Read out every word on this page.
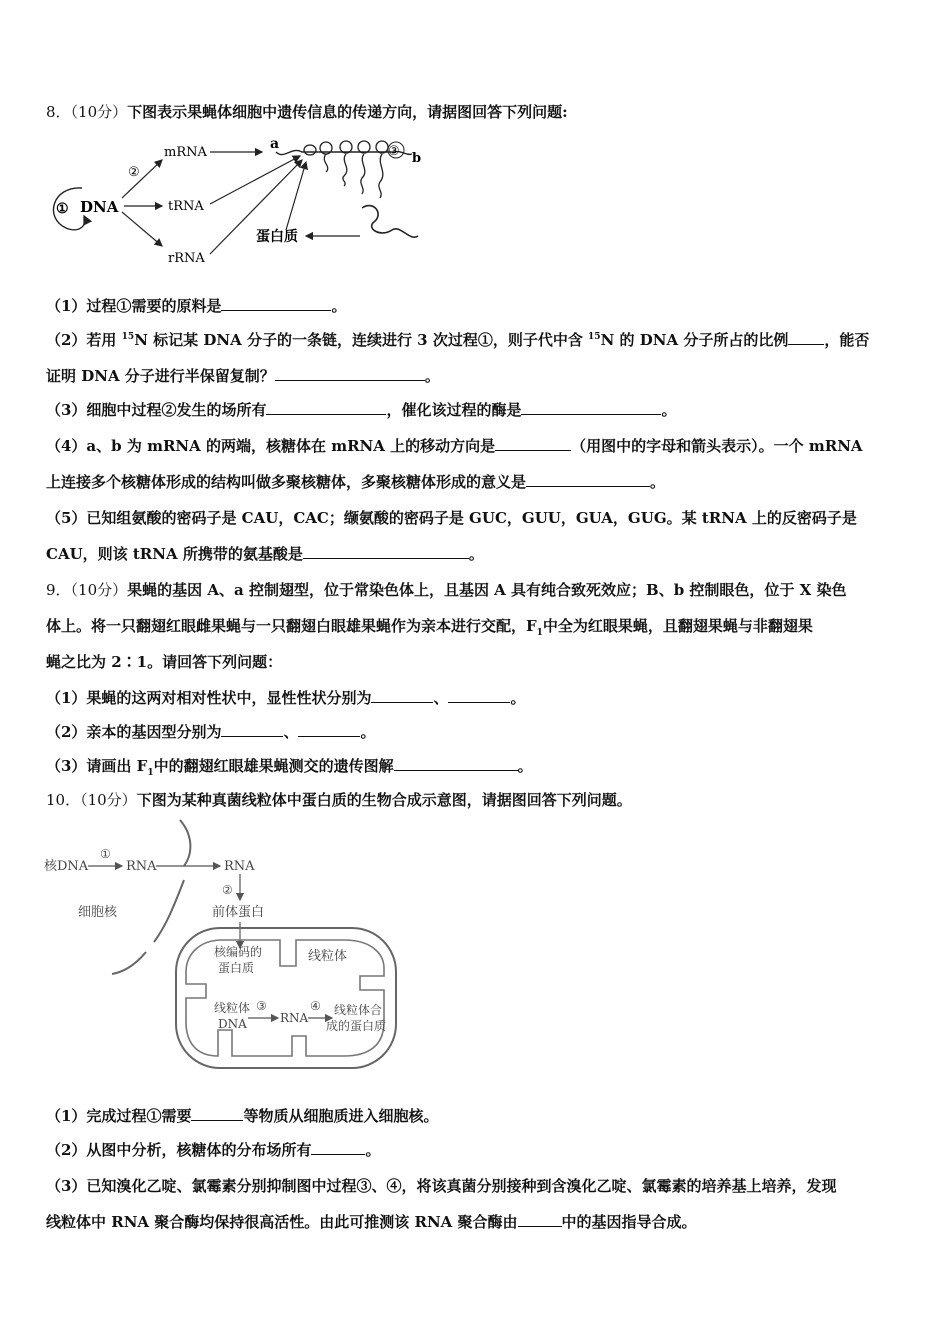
8．（10分）下图表示果蝇体细胞中遗传信息的传递方向，请据图回答下列问题:
① DNA
②
mRNA
tRNA
rRNA
a	③ b
蛋白质
（1）过程①需要的原料是	。
（2）若用 $^{15}$N 标记某 DNA 分子的一条链，连续进行 3 次过程①，则子代中含 $^{15}$N 的 DNA 分子所占的比例 ，能否
证明 DNA 分子进行半保留复制？	。
（3）细胞中过程②发生的场所有	，催化该过程的酶是	。
（4）a、b 为 mRNA 的两端，核糖体在 mRNA 上的移动方向是	（用图中的字母和箭头表示）。一个 mRNA
上连接多个核糖体形成的结构叫做多聚核糖体，多聚核糖体形成的意义是	。
（5）已知组氨酸的密码子是 CAU，CAC；缬氨酸的密码子是 GUC，GUU，GUA，GUG。某 tRNA 上的反密码子是
CAU，则该 tRNA 所携带的氨基酸是	。
9．（10分）果蝇的基因 A、a 控制翅型，位于常染色体上，且基因 A 具有纯合致死效应；B、b 控制眼色，位于 X 染色
体上。将一只翻翅红眼雌果蝇与一只翻翅白眼雄果蝇作为亲本进行交配，$F_1$中全为红眼果蝇，且翻翅果蝇与非翻翅果
蝇之比为 2∶1。请回答下列问题：
（1）果蝇的这两对相对性状中，显性性状分别为	、	。
（2）亲本的基因型分别为	、	。
（3）请画出 $F_1$中的翻翅红眼雄果蝇测交的遗传图解	。
10．（10分）下图为某种真菌线粒体中蛋白质的生物合成示意图，请据图回答下列问题。
核DNA
①
RNA	RNA
②
细胞核	前体蛋白
核编码的
蛋白质
线粒体
线粒体
DNA
③
RNA
④ 线粒体合
成的蛋白质
（1）完成过程①需要	等物质从细胞质进入细胞核。
（2）从图中分析，核糖体的分布场所有	。
（3）已知溴化乙啶、氯霉素分别抑制图中过程③、④，将该真菌分别接种到含溴化乙啶、氯霉素的培养基上培养，发现
线粒体中 RNA 聚合酶均保持很高活性。由此可推测该 RNA 聚合酶由	中的基因指导合成。
